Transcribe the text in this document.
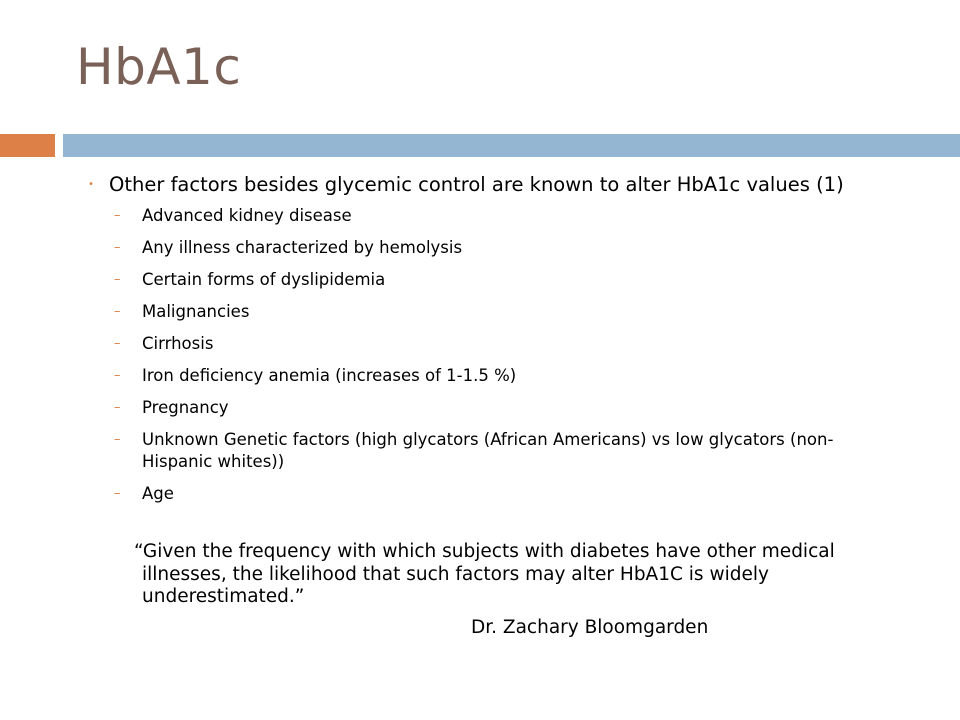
HbA1c
• Other factors besides glycemic control are known to alter HbA1c values (1)
– Advanced kidney disease
– Any illness characterized by hemolysis
– Certain forms of dyslipidemia
– Malignancies
– Cirrhosis
– Iron deficiency anemia (increases of 1-1.5 %)
– Pregnancy
– Unknown Genetic factors (high glycators (African Americans) vs low glycators (non-Hispanic whites))
– Age
“Given the frequency with which subjects with diabetes have other medical illnesses, the likelihood that such factors may alter HbA1C is widely underestimated.”
Dr. Zachary Bloomgarden
